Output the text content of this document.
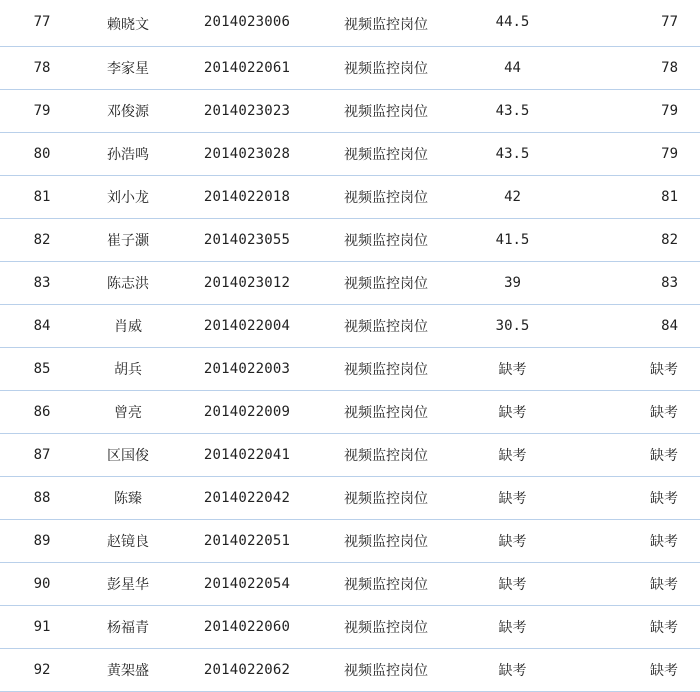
77	赖晓文	2014023006	视频监控岗位	44.5	77
78	李家星	2014022061	视频监控岗位	44	78
79	邓俊源	2014023023	视频监控岗位	43.5	79
80	孙浩鸣	2014023028	视频监控岗位	43.5	79
81	刘小龙	2014022018	视频监控岗位	42	81
82	崔子灏	2014023055	视频监控岗位	41.5	82
83	陈志洪	2014023012	视频监控岗位	39	83
84	肖威	2014022004	视频监控岗位	30.5	84
85	胡兵	2014022003	视频监控岗位	缺考	缺考
86	曾亮	2014022009	视频监控岗位	缺考	缺考
87	区国俊	2014022041	视频监控岗位	缺考	缺考
88	陈臻	2014022042	视频监控岗位	缺考	缺考
89	赵镜良	2014022051	视频监控岗位	缺考	缺考
90	彭星华	2014022054	视频监控岗位	缺考	缺考
91	杨福青	2014022060	视频监控岗位	缺考	缺考
92	黄架盛	2014022062	视频监控岗位	缺考	缺考
